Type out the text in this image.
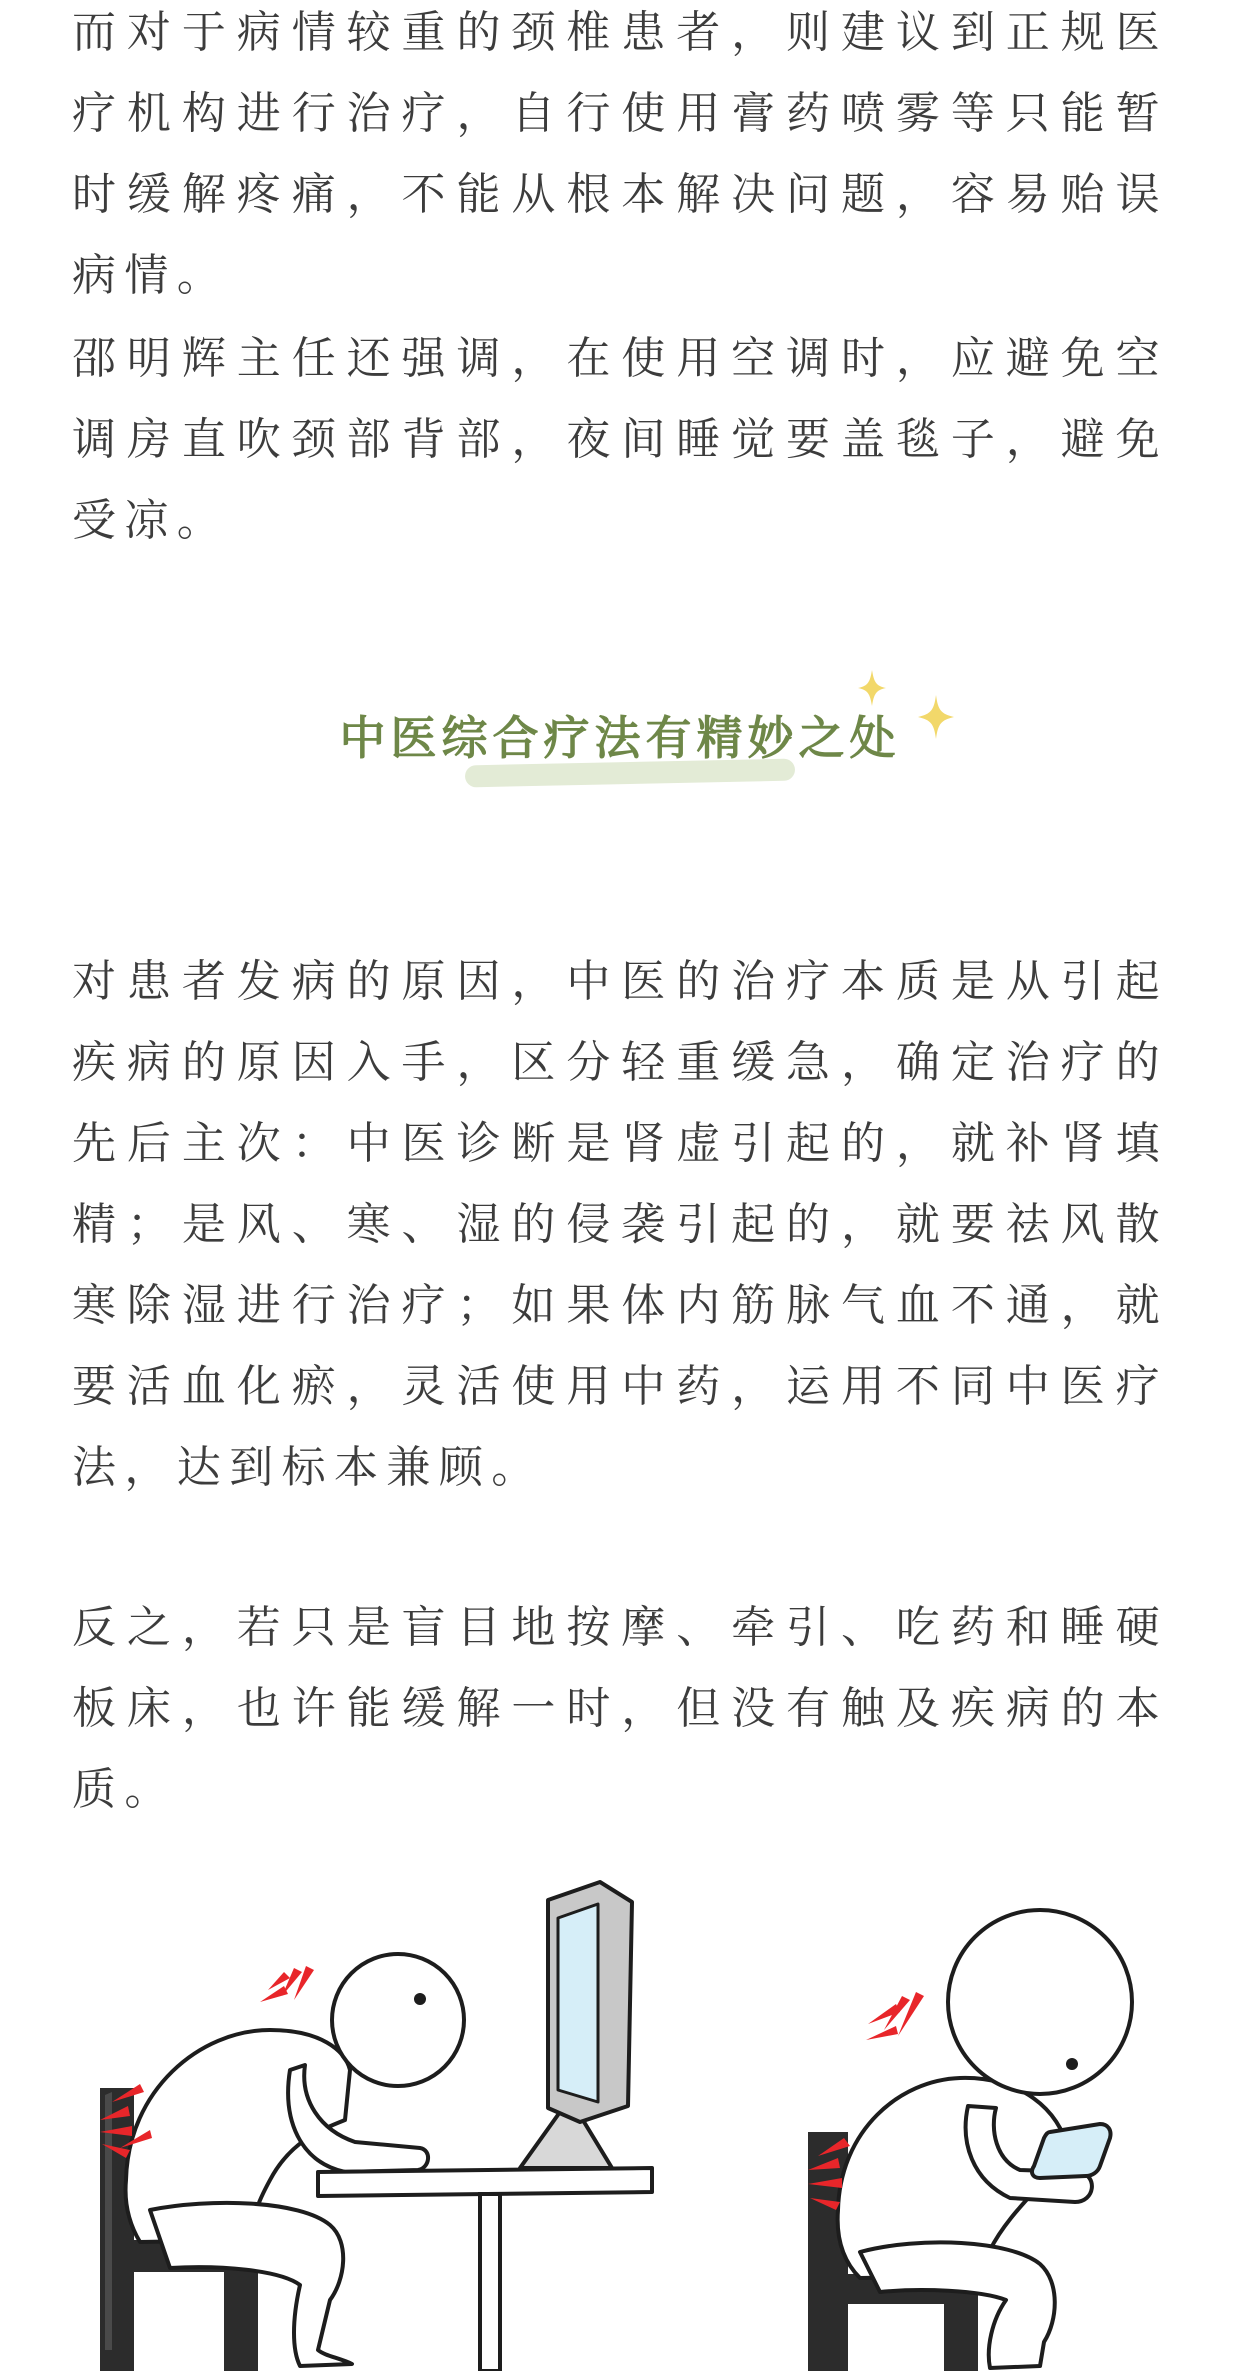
而对于病情较重的颈椎患者，则建议到正规医疗机构进行治疗，自行使用膏药喷雾等只能暂时缓解疼痛，不能从根本解决问题，容易贻误病情。

邵明辉主任还强调，在使用空调时，应避免空调房直吹颈部背部，夜间睡觉要盖毯子，避免受凉。

中医综合疗法有精妙之处

对患者发病的原因，中医的治疗本质是从引起疾病的原因入手，区分轻重缓急，确定治疗的先后主次：中医诊断是肾虚引起的，就补肾填精；是风、寒、湿的侵袭引起的，就要祛风散寒除湿进行治疗；如果体内筋脉气血不通，就要活血化瘀，灵活使用中药，运用不同中医疗法，达到标本兼顾。

反之，若只是盲目地按摩、牵引、吃药和睡硬板床，也许能缓解一时，但没有触及疾病的本质。
